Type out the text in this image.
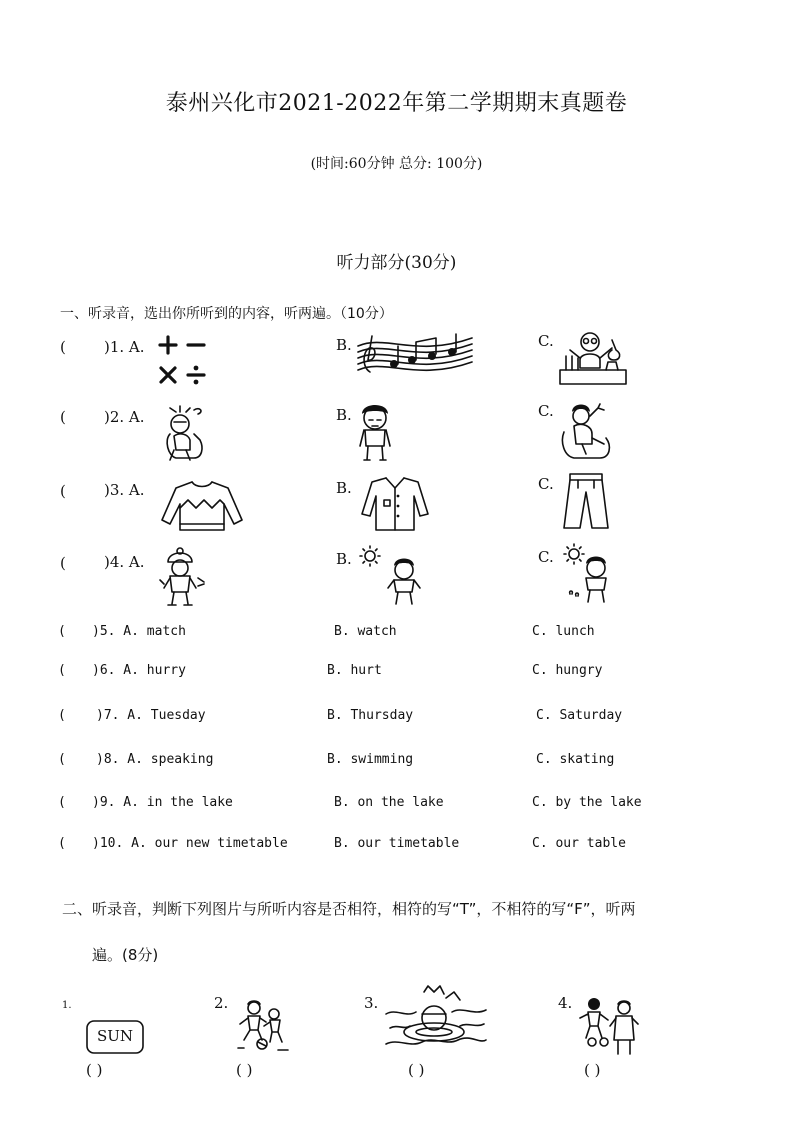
泰州兴化市2021-2022年第二学期期末真题卷
(时间:60分钟 总分: 100分)
听力部分(30分)
一、听录音，选出你所听到的内容，听两遍。（10分）
(	)1. A.	B.	C.
(	)2. A.	B.	C.
(	)3. A.	B.	C.
(	)4. A.	B.	C.
( )5. A. match	B. watch	C. lunch
( )6. A. hurry	B. hurt	C. hungry
( )7. A. Tuesday	B. Thursday	C. Saturday
( )8. A. speaking	B. swimming	C. skating
( )9. A. in the lake	B. on the lake	C. by the lake
( )10. A. our new timetable	B. our timetable	C. our table
二、听录音，判断下列图片与所听内容是否相符，相符的写“T”，不相符的写“F”，听两
遍。(8分)
1.
SUN
( )
2.
( )
3.
( )
4.
( )
